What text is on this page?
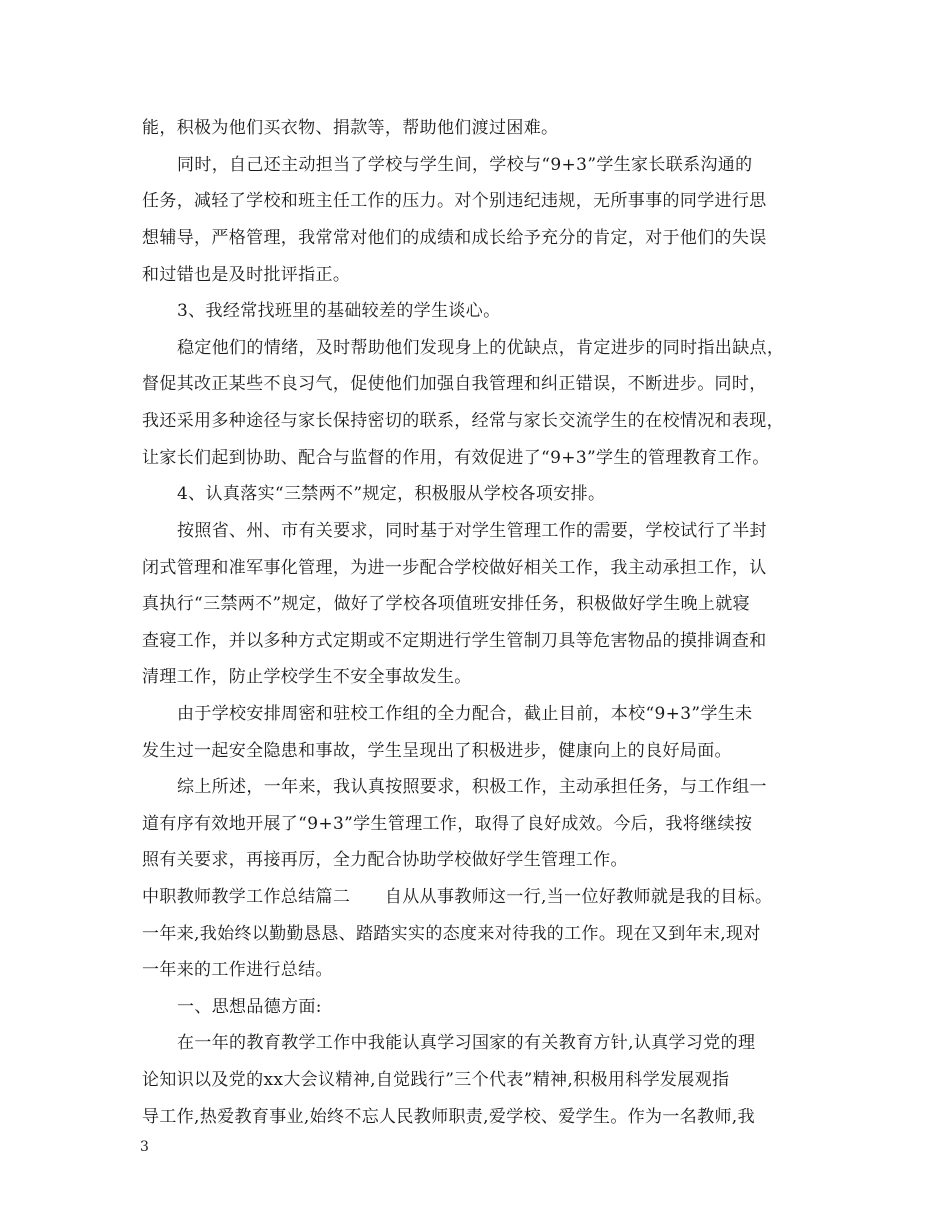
能，积极为他们买衣物、捐款等，帮助他们渡过困难。
同时，自己还主动担当了学校与学生间，学校与“9+3”学生家长联系沟通的
任务，减轻了学校和班主任工作的压力。对个别违纪违规，无所事事的同学进行思
想辅导，严格管理，我常常对他们的成绩和成长给予充分的肯定，对于他们的失误
和过错也是及时批评指正。
3、我经常找班里的基础较差的学生谈心。
稳定他们的情绪，及时帮助他们发现身上的优缺点，肯定进步的同时指出缺点，
督促其改正某些不良习气，促使他们加强自我管理和纠正错误，不断进步。同时，
我还采用多种途径与家长保持密切的联系，经常与家长交流学生的在校情况和表现，
让家长们起到协助、配合与监督的作用，有效促进了“9+3”学生的管理教育工作。
4、认真落实“三禁两不”规定，积极服从学校各项安排。
按照省、州、市有关要求，同时基于对学生管理工作的需要，学校试行了半封
闭式管理和准军事化管理，为进一步配合学校做好相关工作，我主动承担工作，认
真执行“三禁两不”规定，做好了学校各项值班安排任务，积极做好学生晚上就寝
查寝工作，并以多种方式定期或不定期进行学生管制刀具等危害物品的摸排调查和
清理工作，防止学校学生不安全事故发生。
由于学校安排周密和驻校工作组的全力配合，截止目前，本校“9+3”学生未
发生过一起安全隐患和事故，学生呈现出了积极进步，健康向上的良好局面。
综上所述，一年来，我认真按照要求，积极工作，主动承担任务，与工作组一
道有序有效地开展了“9+3”学生管理工作，取得了良好成效。今后，我将继续按
照有关要求，再接再厉，全力配合协助学校做好学生管理工作。
中职教师教学工作总结篇二　　自从从事教师这一行,当一位好教师就是我的目标。
一年来,我始终以勤勤恳恳、踏踏实实的态度来对待我的工作。现在又到年末,现对
一年来的工作进行总结。
一、思想品德方面:
在一年的教育教学工作中我能认真学习国家的有关教育方针,认真学习党的理
论知识以及党的xx大会议精神,自觉践行”三个代表”精神,积极用科学发展观指
导工作,热爱教育事业,始终不忘人民教师职责,爱学校、爱学生。作为一名教师,我
3
